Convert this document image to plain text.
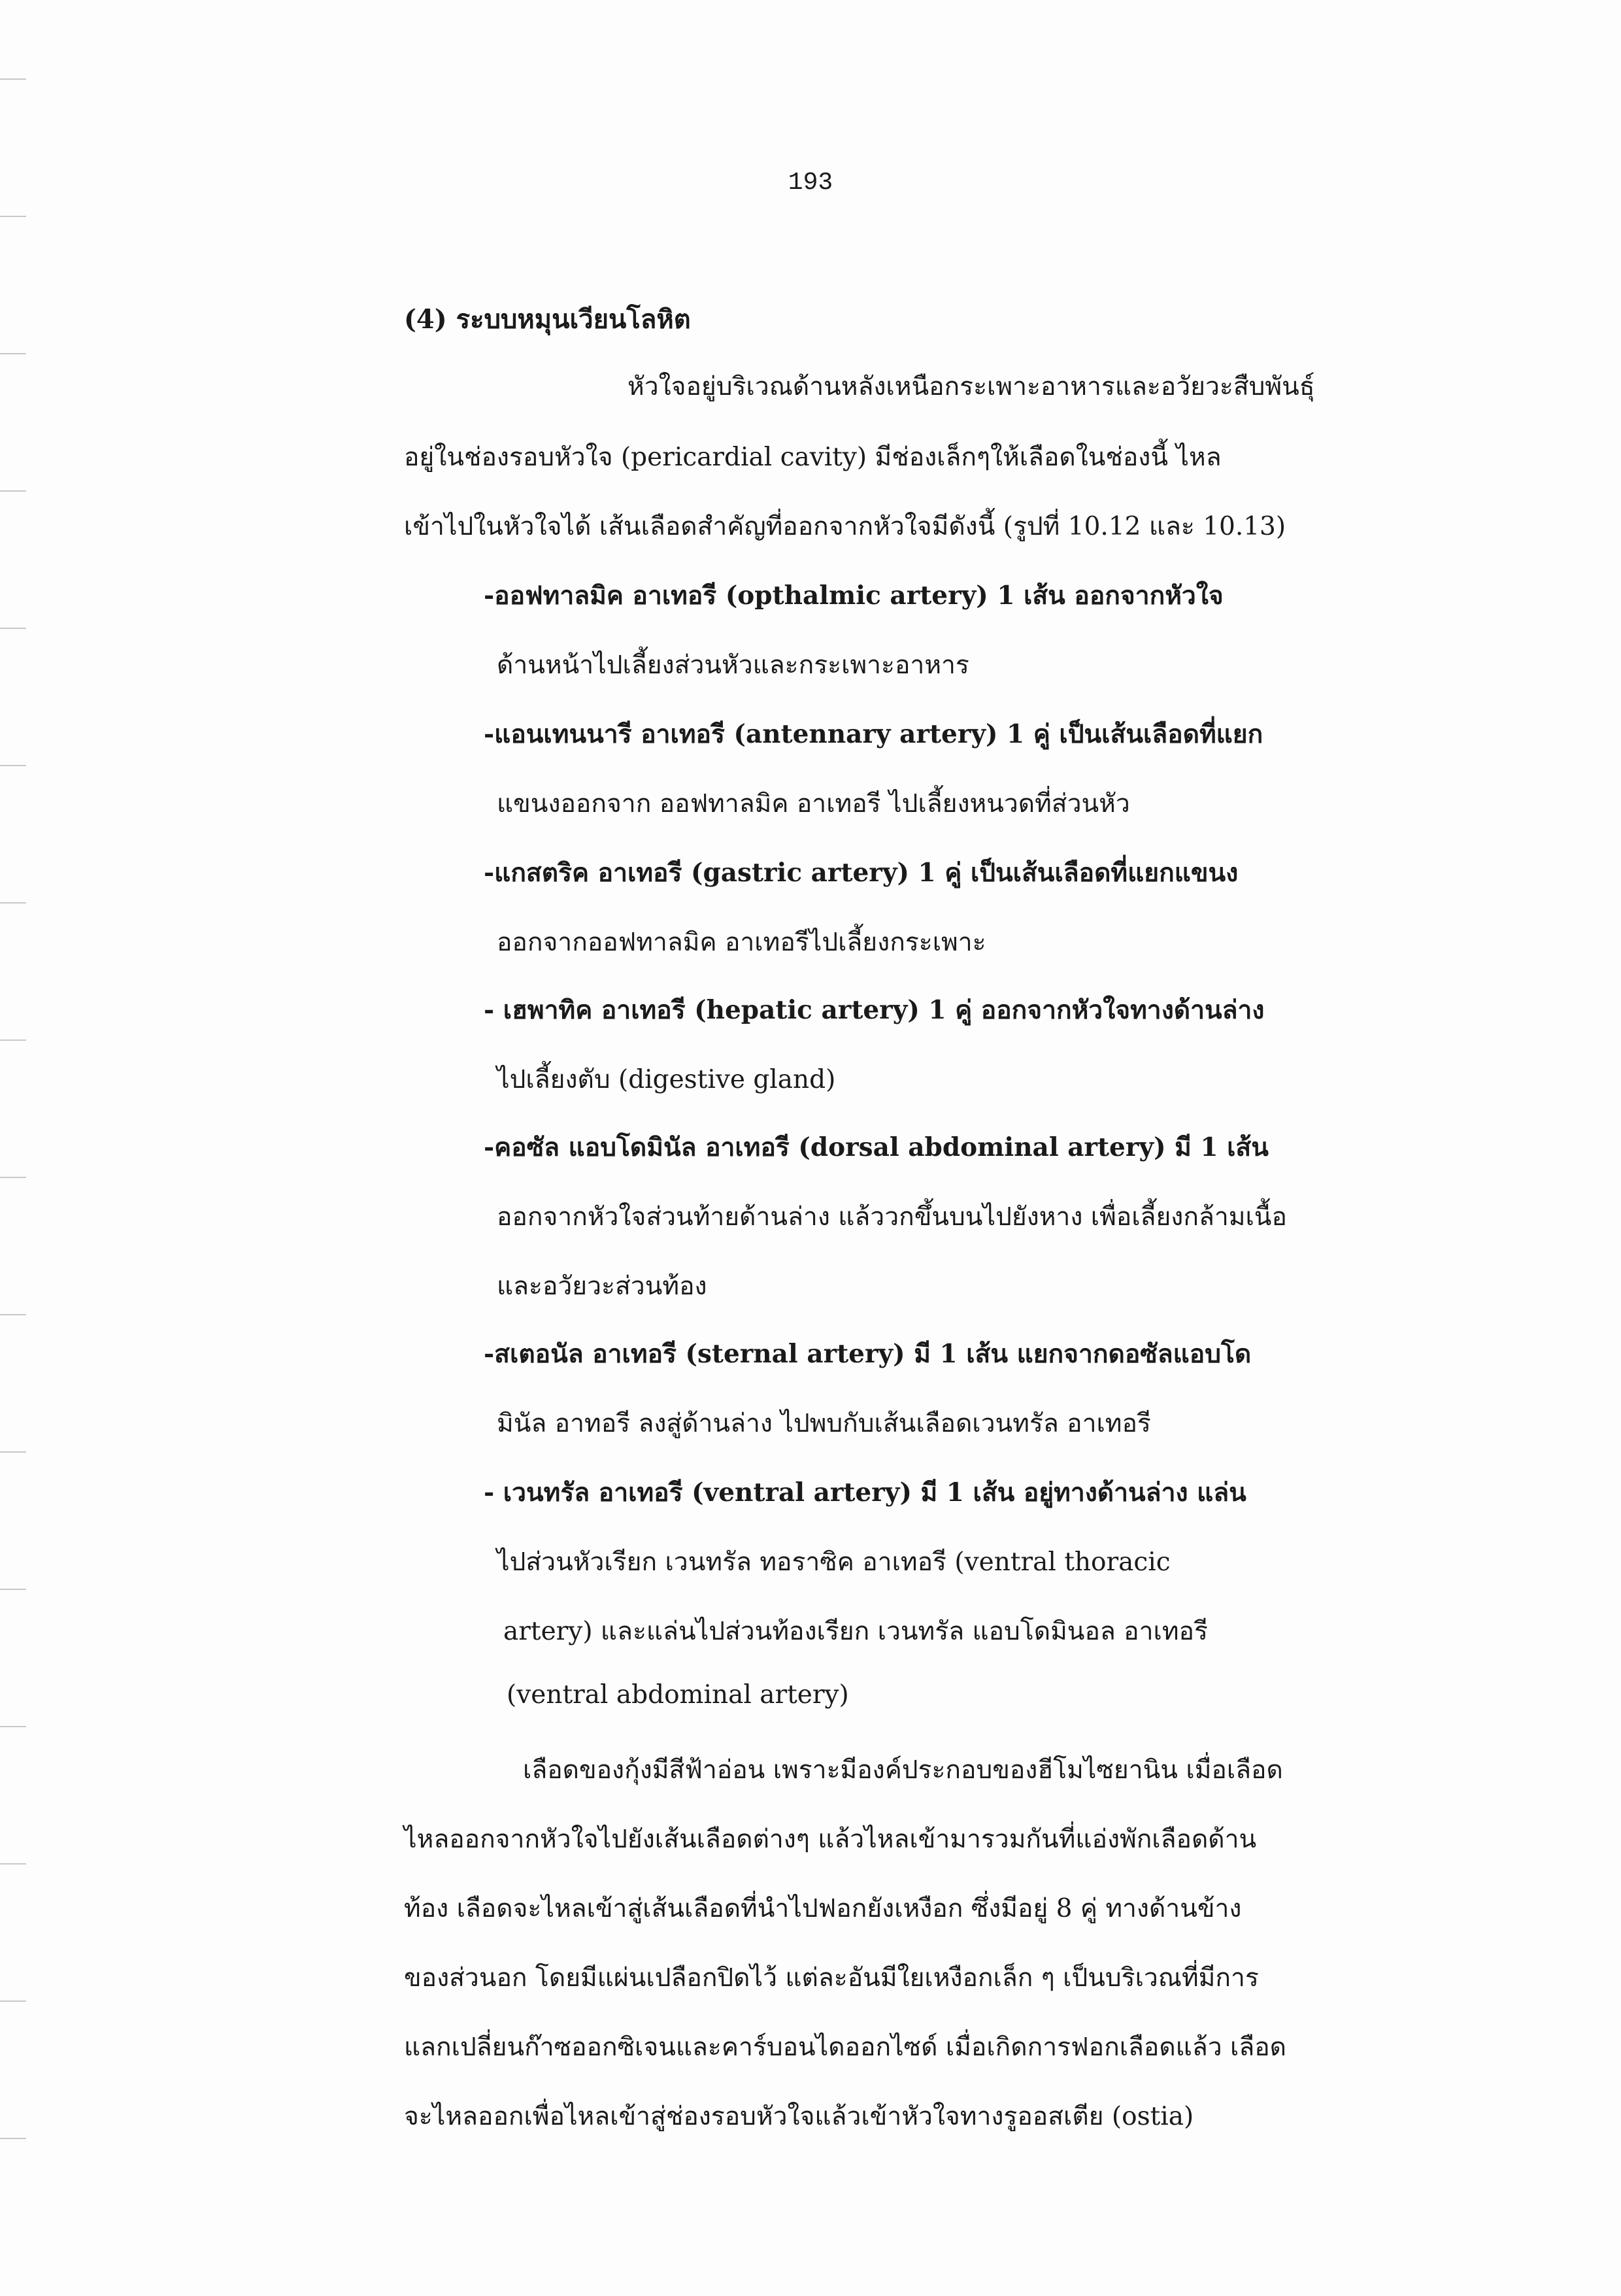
193
(4) ระบบหมุนเวียนโลหิต
หัวใจอยู่บริเวณด้านหลังเหนือกระเพาะอาหารและอวัยวะสืบพันธุ์
อยู่ในช่องรอบหัวใจ (pericardial cavity) มีช่องเล็กๆให้เลือดในช่องนี้ ไหล
เข้าไปในหัวใจได้ เส้นเลือดสำคัญที่ออกจากหัวใจมีดังนี้ (รูปที่ 10.12 และ 10.13)
-ออฟทาลมิค อาเทอรี (opthalmic artery) 1 เส้น ออกจากหัวใจ
ด้านหน้าไปเลี้ยงส่วนหัวและกระเพาะอาหาร
-แอนเทนนารี อาเทอรี (antennary artery) 1 คู่ เป็นเส้นเลือดที่แยก
แขนงออกจาก ออฟทาลมิค อาเทอรี ไปเลี้ยงหนวดที่ส่วนหัว
-แกสตริค อาเทอรี (gastric artery) 1 คู่ เป็นเส้นเลือดที่แยกแขนง
ออกจากออฟทาลมิค อาเทอรีไปเลี้ยงกระเพาะ
- เฮพาทิค อาเทอรี (hepatic artery) 1 คู่ ออกจากหัวใจทางด้านล่าง
ไปเลี้ยงตับ (digestive gland)
-คอซัล แอบโดมินัล อาเทอรี (dorsal abdominal artery) มี 1 เส้น
ออกจากหัวใจส่วนท้ายด้านล่าง แล้ววกขึ้นบนไปยังหาง เพื่อเลี้ยงกล้ามเนื้อ
และอวัยวะส่วนท้อง
-สเตอนัล อาเทอรี (sternal artery) มี 1 เส้น แยกจากดอซัลแอบโด
มินัล อาทอรี ลงสู่ด้านล่าง ไปพบกับเส้นเลือดเวนทรัล อาเทอรี
- เวนทรัล อาเทอรี (ventral artery) มี 1 เส้น อยู่ทางด้านล่าง แล่น
ไปส่วนหัวเรียก เวนทรัล ทอราซิค อาเทอรี (ventral thoracic
artery) และแล่นไปส่วนท้องเรียก เวนทรัล แอบโดมินอล อาเทอรี
(ventral abdominal artery)
เลือดของกุ้งมีสีฟ้าอ่อน เพราะมีองค์ประกอบของฮีโมไซยานิน เมื่อเลือด
ไหลออกจากหัวใจไปยังเส้นเลือดต่างๆ แล้วไหลเข้ามารวมกันที่แอ่งพักเลือดด้าน
ท้อง เลือดจะไหลเข้าสู่เส้นเลือดที่นำไปฟอกยังเหงือก ซึ่งมีอยู่ 8 คู่ ทางด้านข้าง
ของส่วนอก โดยมีแผ่นเปลือกปิดไว้ แต่ละอันมีใยเหงือกเล็ก ๆ เป็นบริเวณที่มีการ
แลกเปลี่ยนก๊าซออกซิเจนและคาร์บอนไดออกไซด์ เมื่อเกิดการฟอกเลือดแล้ว เลือด
จะไหลออกเพื่อไหลเข้าสู่ช่องรอบหัวใจแล้วเข้าหัวใจทางรูออสเตีย (ostia)
